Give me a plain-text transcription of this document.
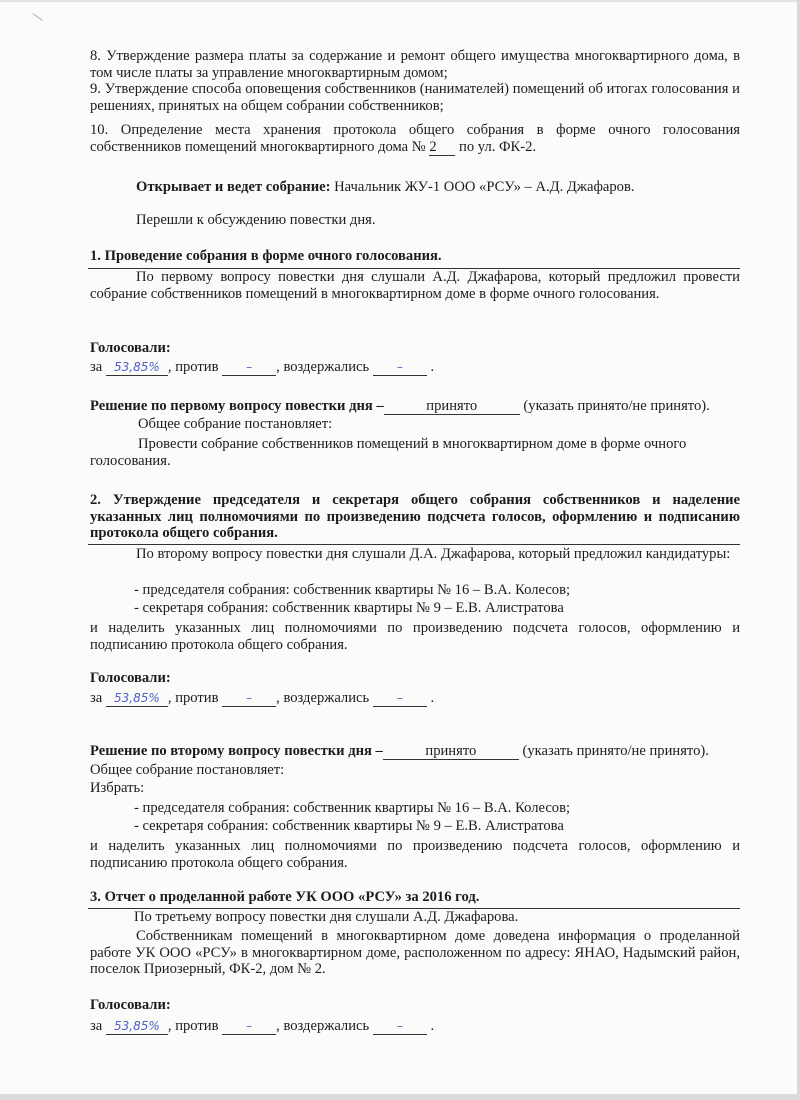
8. Утверждение размера платы за содержание и ремонт общего имущества многоквартирного дома, в том числе платы за управление многоквартирным домом;
9. Утверждение способа оповещения собственников (нанимателей) помещений об итогах голосования и решениях, принятых на общем собрании собственников;
10. Определение места хранения протокола общего собрания в форме очного голосования собственников помещений многоквартирного дома № 2 по ул. ФК-2.
Открывает и ведет собрание: Начальник ЖУ-1 ООО «РСУ» – А.Д. Джафаров.
Перешли к обсуждению повестки дня.
1. Проведение собрания в форме очного голосования.
По первому вопросу повестки дня слушали А.Д. Джафарова, который предложил провести собрание собственников помещений в многоквартирном доме в форме очного голосования.
Голосовали:
за 53,85% , против – , воздержались – .
Решение по первому вопросу повестки дня –	принято	(указать принято/не принято).
Общее собрание постановляет:
Провести собрание собственников помещений в многоквартирном доме в форме очного голосования.
2. Утверждение председателя и секретаря общего собрания собственников и наделение указанных лиц полномочиями по произведению подсчета голосов, оформлению и подписанию протокола общего собрания.
По второму вопросу повестки дня слушали Д.А. Джафарова, который предложил кандидатуры:
- председателя собрания: собственник квартиры № 16 – В.А. Колесов;
- секретаря собрания: собственник квартиры № 9 – Е.В. Алистратова
и наделить указанных лиц полномочиями по произведению подсчета голосов, оформлению и подписанию протокола общего собрания.
Голосовали:
за 53,85% , против – , воздержались – .
Решение по второму вопросу повестки дня –	принято	(указать принято/не принято).
Общее собрание постановляет:
Избрать:
- председателя собрания: собственник квартиры № 16 – В.А. Колесов;
- секретаря собрания: собственник квартиры № 9 – Е.В. Алистратова
и наделить указанных лиц полномочиями по произведению подсчета голосов, оформлению и подписанию протокола общего собрания.
3. Отчет о проделанной работе УК ООО «РСУ» за 2016 год.
По третьему вопросу повестки дня слушали А.Д. Джафарова.
Собственникам помещений в многоквартирном доме доведена информация о проделанной работе УК ООО «РСУ» в многоквартирном доме, расположенном по адресу: ЯНАО, Надымский район, поселок Приозерный, ФК-2, дом № 2.
Голосовали:
за 53,85% , против – , воздержались – .
